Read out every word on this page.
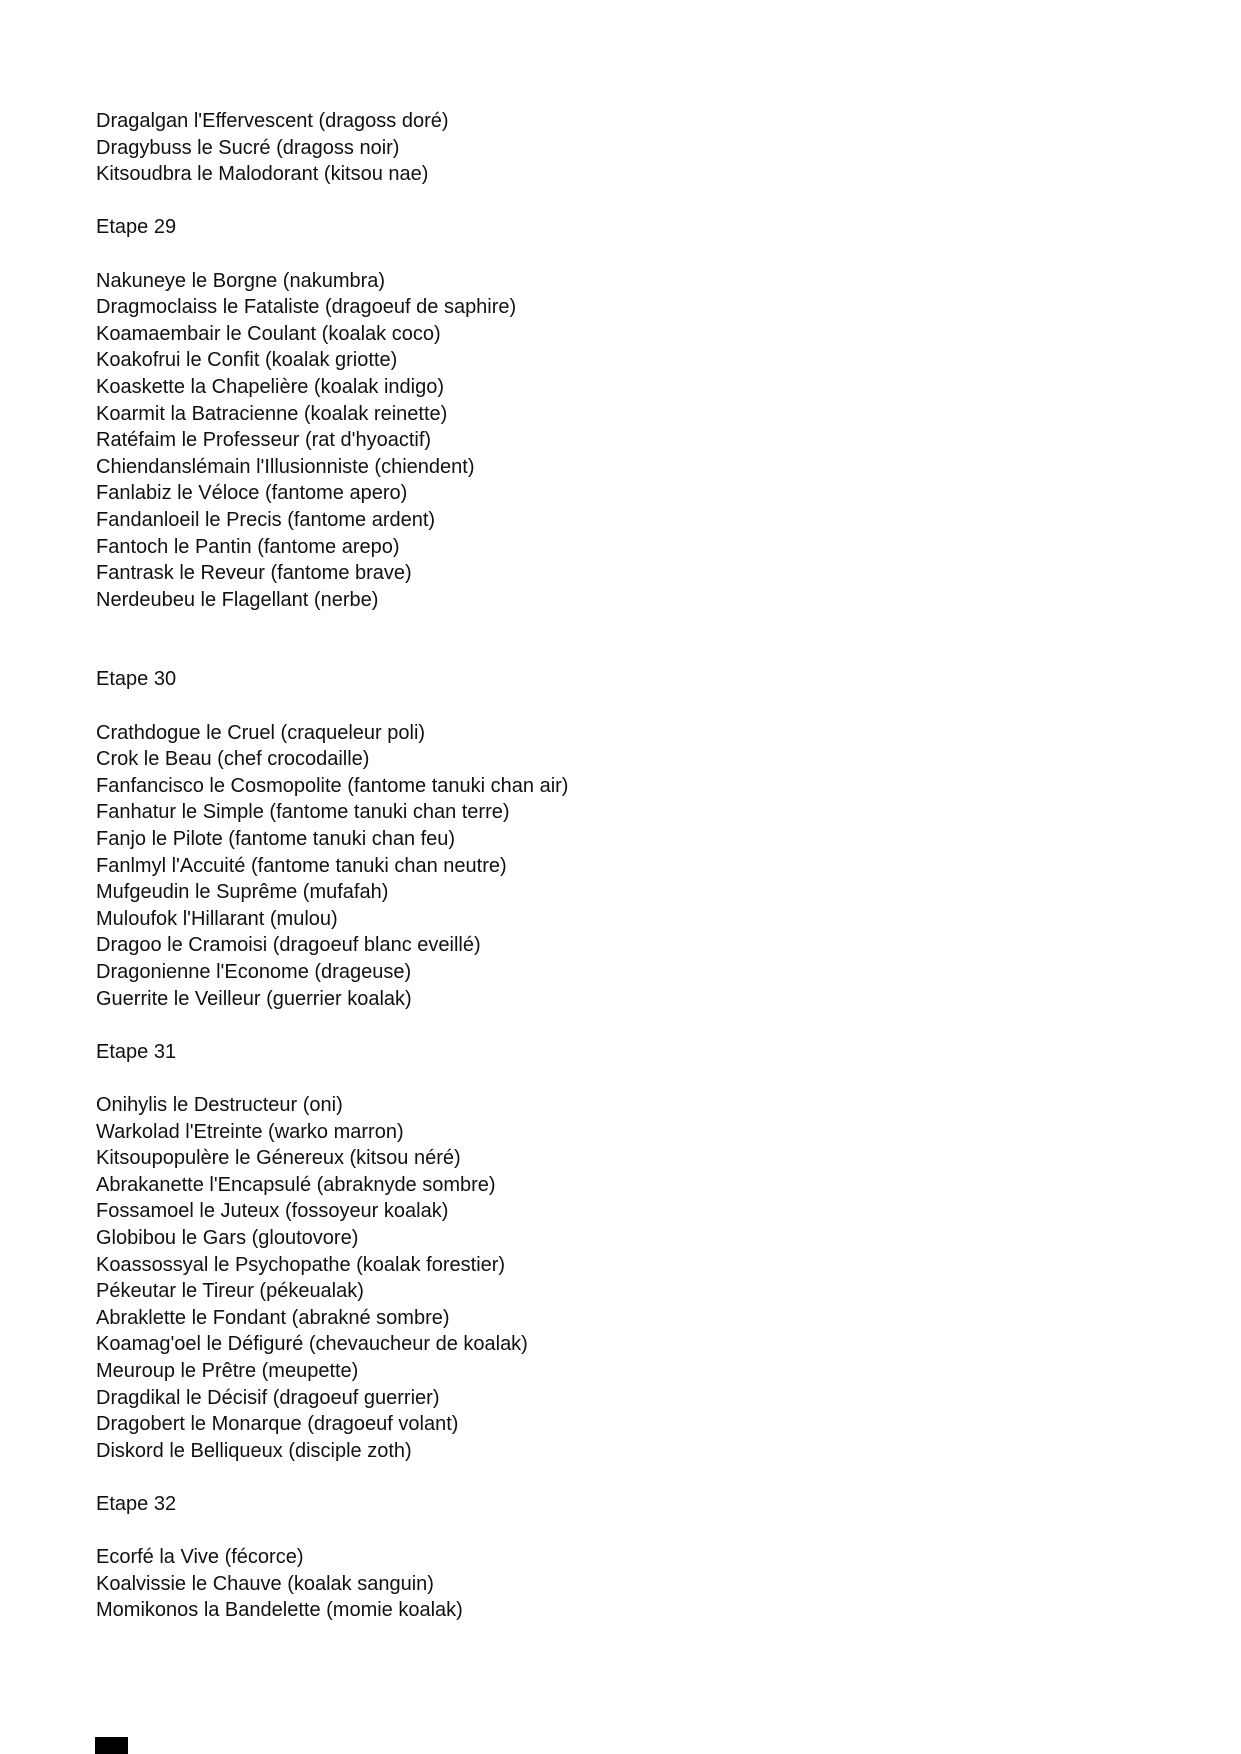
Dragalgan l'Effervescent (dragoss doré)
Dragybuss le Sucré (dragoss noir)
Kitsoudbra le Malodorant (kitsou nae)
Etape 29
Nakuneye le Borgne (nakumbra)
Dragmoclaiss le Fataliste (dragoeuf de saphire)
Koamaembair le Coulant (koalak coco)
Koakofrui le Confit (koalak griotte)
Koaskette la Chapelière (koalak indigo)
Koarmit la Batracienne (koalak reinette)
Ratéfaim le Professeur (rat d'hyoactif)
Chiendanslémain l'Illusionniste (chiendent)
Fanlabiz le Véloce (fantome apero)
Fandanloeil le Precis (fantome ardent)
Fantoch le Pantin (fantome arepo)
Fantrask le Reveur (fantome brave)
Nerdeubeu le Flagellant (nerbe)
Etape 30
Crathdogue le Cruel (craqueleur poli)
Crok le Beau (chef crocodaille)
Fanfancisco le Cosmopolite (fantome tanuki chan air)
Fanhatur le Simple (fantome tanuki chan terre)
Fanjo le Pilote (fantome tanuki chan feu)
Fanlmyl l'Accuité (fantome tanuki chan neutre)
Mufgeudin le Suprême (mufafah)
Muloufok l'Hillarant (mulou)
Dragoo le Cramoisi (dragoeuf blanc eveillé)
Dragonienne l'Econome (drageuse)
Guerrite le Veilleur (guerrier koalak)
Etape 31
Onihylis le Destructeur (oni)
Warkolad l'Etreinte (warko marron)
Kitsoupopulère le Génereux (kitsou néré)
Abrakanette l'Encapsulé (abraknyde sombre)
Fossamoel le Juteux (fossoyeur koalak)
Globibou le Gars (gloutovore)
Koassossyal le Psychopathe (koalak forestier)
Pékeutar le Tireur (pékeualak)
Abraklette le Fondant (abrakné sombre)
Koamag'oel le Défiguré (chevaucheur de koalak)
Meuroup le Prêtre (meupette)
Dragdikal le Décisif (dragoeuf guerrier)
Dragobert le Monarque (dragoeuf volant)
Diskord le Belliqueux (disciple zoth)
Etape 32
Ecorfé la Vive (fécorce)
Koalvissie le Chauve (koalak sanguin)
Momikonos la Bandelette (momie koalak)
